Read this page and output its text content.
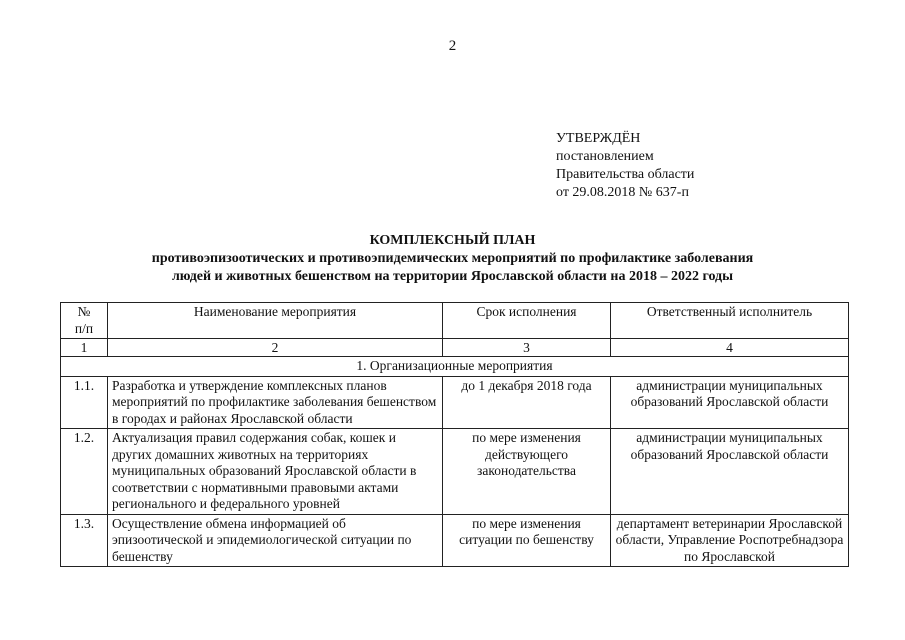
2
УТВЕРЖДЁН
постановлением
Правительства области
от 29.08.2018 № 637-п
КОМПЛЕКСНЫЙ ПЛАН
противоэпизоотических и противоэпидемических мероприятий по профилактике заболевания
людей и животных бешенством на территории Ярославской области на 2018 – 2022 годы
№
п/п	Наименование мероприятия	Срок исполнения	Ответственный исполнитель
1	2	3	4
1. Организационные мероприятия			
1.1.	Разработка и утверждение комплексных планов мероприятий по профилактике заболевания бешенством в городах и районах Ярославской области	до 1 декабря 2018 года	администрации муниципальных образований Ярославской области
1.2.	Актуализация правил содержания собак, кошек и других домашних животных на территориях муниципальных образований Ярославской области в соответствии с нормативными правовыми актами регионального и федерального уровней	по мере изменения действующего законодательства	администрации муниципальных образований Ярославской области
1.3.	Осуществление обмена информацией об эпизоотической и эпидемиологической ситуации по бешенству	по мере изменения ситуации по бешенству	департамент ветеринарии Ярославской области, Управление Роспотребнадзора по Ярославской
